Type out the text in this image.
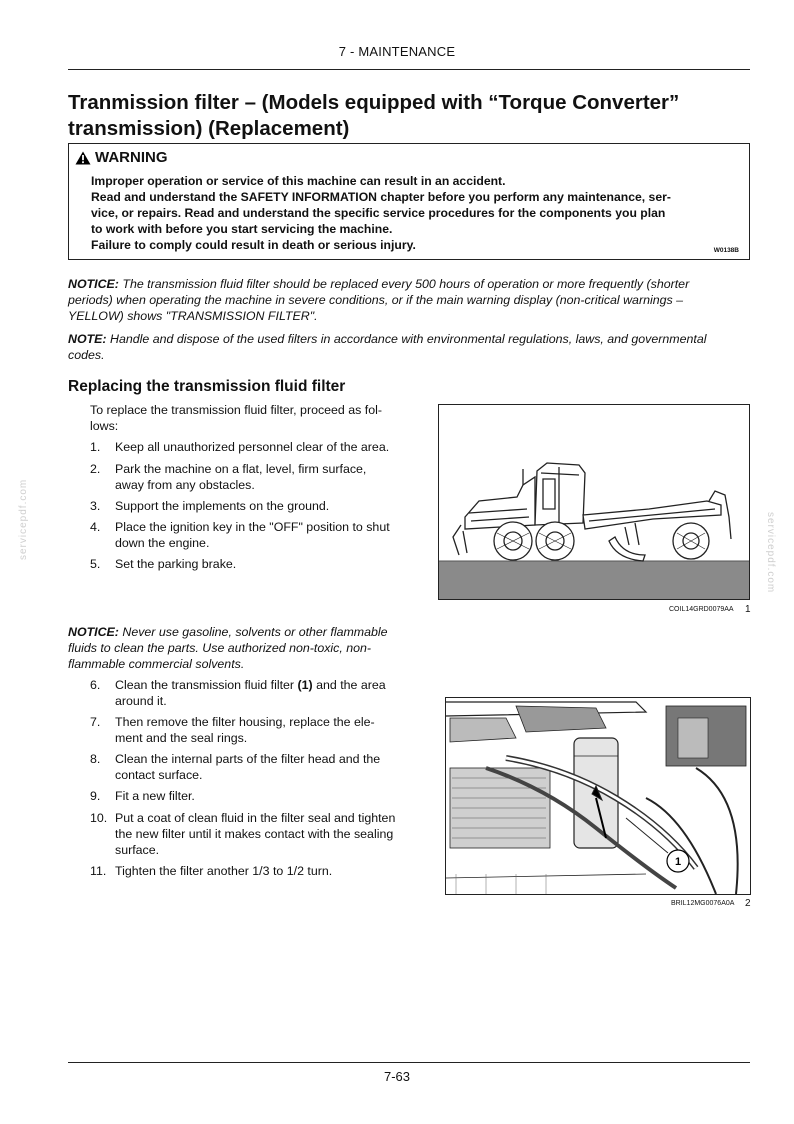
7 - MAINTENANCE
Tranmission filter – (Models equipped with “Torque Converter”
transmission) (Replacement)
WARNING
Improper operation or service of this machine can result in an accident.
Read and understand the SAFETY INFORMATION chapter before you perform any maintenance, ser-
vice, or repairs. Read and understand the specific service procedures for the components you plan
to work with before you start servicing the machine.
Failure to comply could result in death or serious injury.	W0138B
NOTICE: The transmission fluid filter should be replaced every 500 hours of operation or more frequently (shorter
periods) when operating the machine in severe conditions, or if the main warning display (non-critical warnings –
YELLOW) shows "TRANSMISSION FILTER".
NOTE: Handle and dispose of the used filters in accordance with environmental regulations, laws, and governmental
codes.
Replacing the transmission fluid filter
To replace the transmission fluid filter, proceed as fol-
lows:
1.	Keep all unauthorized personnel clear of the area.
2.	Park the machine on a flat, level, firm surface,
away from any obstacles.
3.	Support the implements on the ground.
4.	Place the ignition key in the "OFF" position to shut
down the engine.
5.	Set the parking brake.
COIL14GRD0079AA 1
NOTICE: Never use gasoline, solvents or other flammable
fluids to clean the parts. Use authorized non-toxic, non-
flammable commercial solvents.
6.	Clean the transmission fluid filter (1) and the area
around it.
7.	Then remove the filter housing, replace the ele-
ment and the seal rings.
8.	Clean the internal parts of the filter head and the
contact surface.
9.	Fit a new filter.
10. Put a coat of clean fluid in the filter seal and tighten
the new filter until it makes contact with the sealing
surface.
11. Tighten the filter another 1/3 to 1/2 turn.
1
BRIL12MG0076A0A 2
servicepdf.com	servicepdf.com
7-63
